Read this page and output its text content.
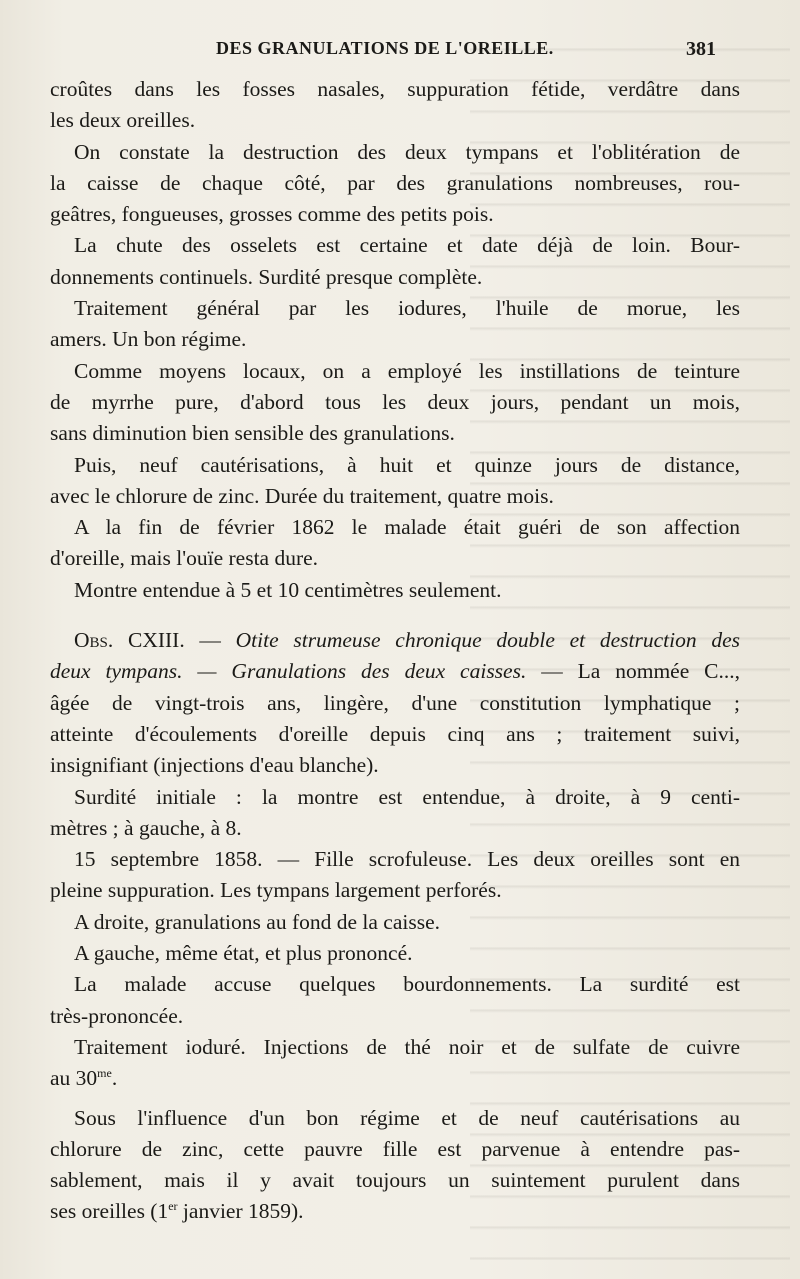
DES GRANULATIONS DE L'OREILLE.	381
croûtes dans les fosses nasales, suppuration fétide, verdâtre dans
les deux oreilles.
On constate la destruction des deux tympans et l'oblitération de
la caisse de chaque côté, par des granulations nombreuses, rou-
geâtres, fongueuses, grosses comme des petits pois.
La chute des osselets est certaine et date déjà de loin. Bour-
donnements continuels. Surdité presque complète.
Traitement général par les iodures, l'huile de morue, les
amers. Un bon régime.
Comme moyens locaux, on a employé les instillations de teinture
de myrrhe pure, d'abord tous les deux jours, pendant un mois,
sans diminution bien sensible des granulations.
Puis, neuf cautérisations, à huit et quinze jours de distance,
avec le chlorure de zinc. Durée du traitement, quatre mois.
A la fin de février 1862 le malade était guéri de son affection
d'oreille, mais l'ouïe resta dure.
Montre entendue à 5 et 10 centimètres seulement.
Obs. CXIII. — Otite strumeuse chronique double et destruction des
deux tympans. — Granulations des deux caisses. — La nommée C...,
âgée de vingt-trois ans, lingère, d'une constitution lymphatique ;
atteinte d'écoulements d'oreille depuis cinq ans ; traitement suivi,
insignifiant (injections d'eau blanche).
Surdité initiale : la montre est entendue, à droite, à 9 centi-
mètres ; à gauche, à 8.
15 septembre 1858. — Fille scrofuleuse. Les deux oreilles sont en
pleine suppuration. Les tympans largement perforés.
A droite, granulations au fond de la caisse.
A gauche, même état, et plus prononcé.
La malade accuse quelques bourdonnements. La surdité est
très-prononcée.
Traitement ioduré. Injections de thé noir et de sulfate de cuivre
au $30^{me}$.
Sous l'influence d'un bon régime et de neuf cautérisations au
chlorure de zinc, cette pauvre fille est parvenue à entendre pas-
sablement, mais il y avait toujours un suintement purulent dans
ses oreilles (1er janvier 1859).
